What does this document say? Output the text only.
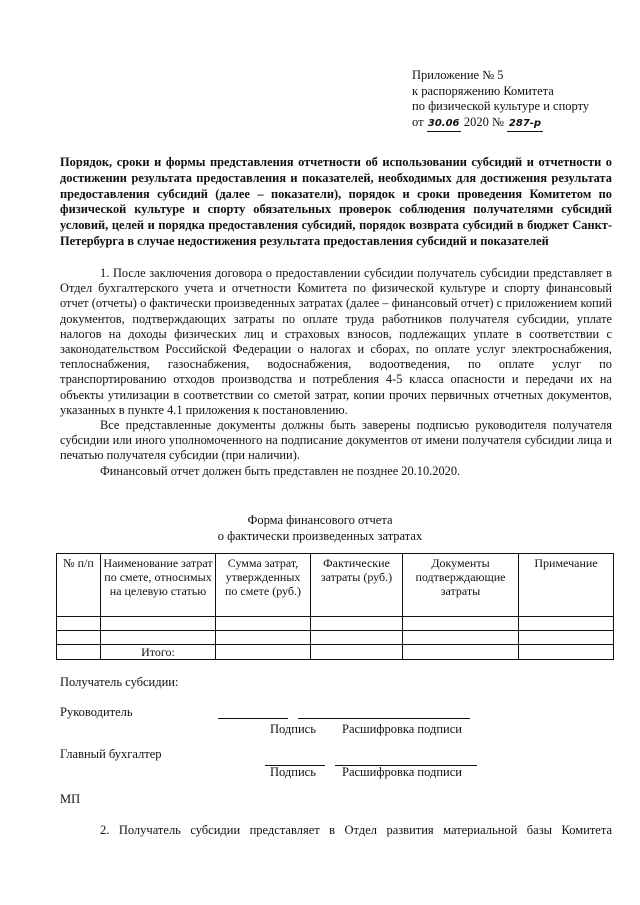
Приложение № 5
к распоряжению Комитета
по физической культуре и спорту
от 30.06 2020 № 287-р
Порядок, сроки и формы представления отчетности об использовании субсидий и отчетности о достижении результата предоставления и показателей, необходимых для достижения результата предоставления субсидий (далее – показатели), порядок и сроки проведения Комитетом по физической культуре и спорту обязательных проверок соблюдения получателями субсидий условий, целей и порядка предоставления субсидий, порядок возврата субсидий в бюджет Санкт-Петербурга в случае недостижения результата предоставления субсидий и показателей

1. После заключения договора о предоставлении субсидии получатель субсидии представляет в Отдел бухгалтерского учета и отчетности Комитета по физической культуре и спорту финансовый отчет (отчеты) о фактически произведенных затратах (далее – финансовый отчет) с приложением копий документов, подтверждающих затраты по оплате труда работников получателя субсидии, уплате налогов на доходы физических лиц и страховых взносов, подлежащих уплате в соответствии с законодательством Российской Федерации о налогах и сборах, по оплате услуг электроснабжения, теплоснабжения, газоснабжения, водоснабжения, водоотведения, по оплате услуг по транспортированию отходов производства и потребления 4-5 класса опасности и передачи их на объекты утилизации в соответствии со сметой затрат, копии прочих первичных отчетных документов, указанных в пункте 4.1 приложения к постановлению.

Все представленные документы должны быть заверены подписью руководителя получателя субсидии или иного уполномоченного на подписание документов от имени получателя субсидии лица и печатью получателя субсидии (при наличии).

Финансовый отчет должен быть представлен не позднее 20.10.2020.

Форма финансового отчета
о фактически произведенных затратах
№ п/п	Наименование затрат по смете, относимых на целевую статью	Сумма затрат, утвержденных по смете (руб.)	Фактические затраты (руб.)	Документы подтверждающие затраты	Примечание

	Итого:				
Получатель субсидии:
Руководитель
Подпись Расшифровка подписи
Главный бухгалтер
Подпись Расшифровка подписи
МП
2. Получатель субсидии представляет в Отдел развития материальной базы Комитета
